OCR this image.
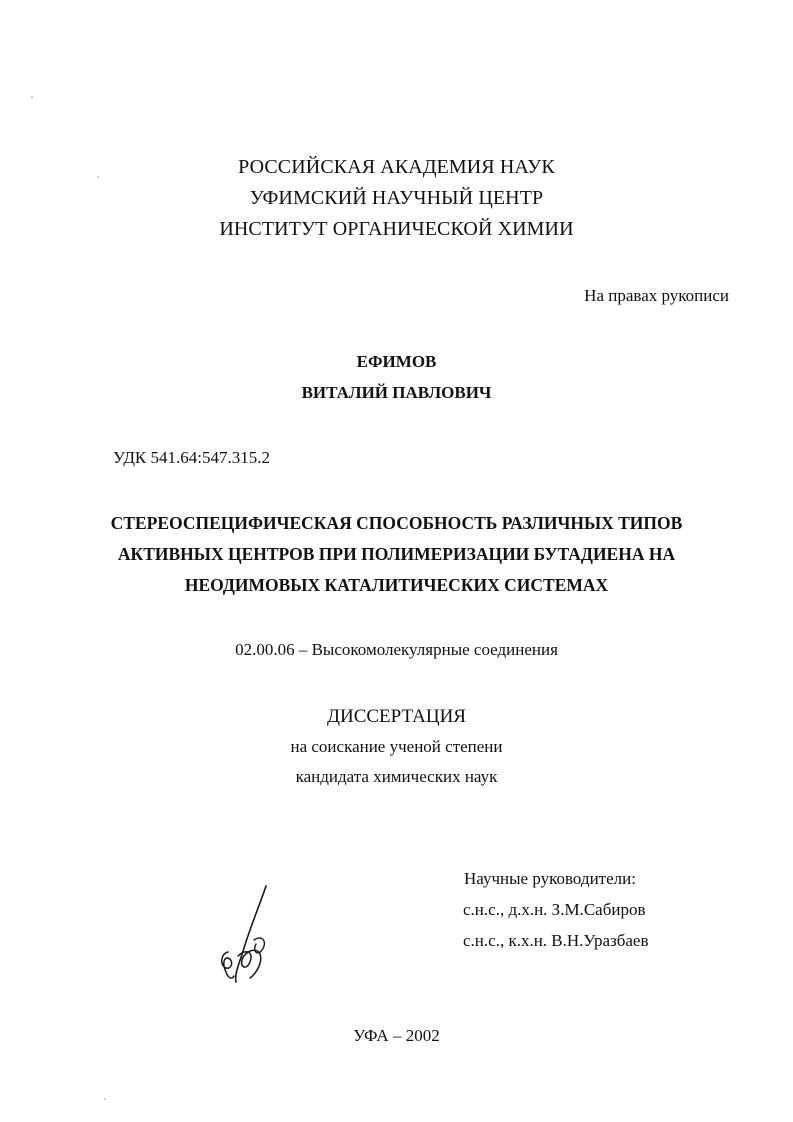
РОССИЙСКАЯ АКАДЕМИЯ НАУК
УФИМСКИЙ НАУЧНЫЙ ЦЕНТР
ИНСТИТУТ ОРГАНИЧЕСКОЙ ХИМИИ
На правах рукописи
ЕФИМОВ
ВИТАЛИЙ ПАВЛОВИЧ
УДК 541.64:547.315.2
СТЕРЕОСПЕЦИФИЧЕСКАЯ СПОСОБНОСТЬ РАЗЛИЧНЫХ ТИПОВ
АКТИВНЫХ ЦЕНТРОВ ПРИ ПОЛИМЕРИЗАЦИИ БУТАДИЕНА НА
НЕОДИМОВЫХ КАТАЛИТИЧЕСКИХ СИСТЕМАХ
02.00.06 – Высокомолекулярные соединения
ДИССЕРТАЦИЯ
на соискание ученой степени
кандидата химических наук
Научные руководители:
с.н.с., д.х.н. З.М.Сабиров
с.н.с., к.х.н. В.Н.Уразбаев
УФА – 2002
